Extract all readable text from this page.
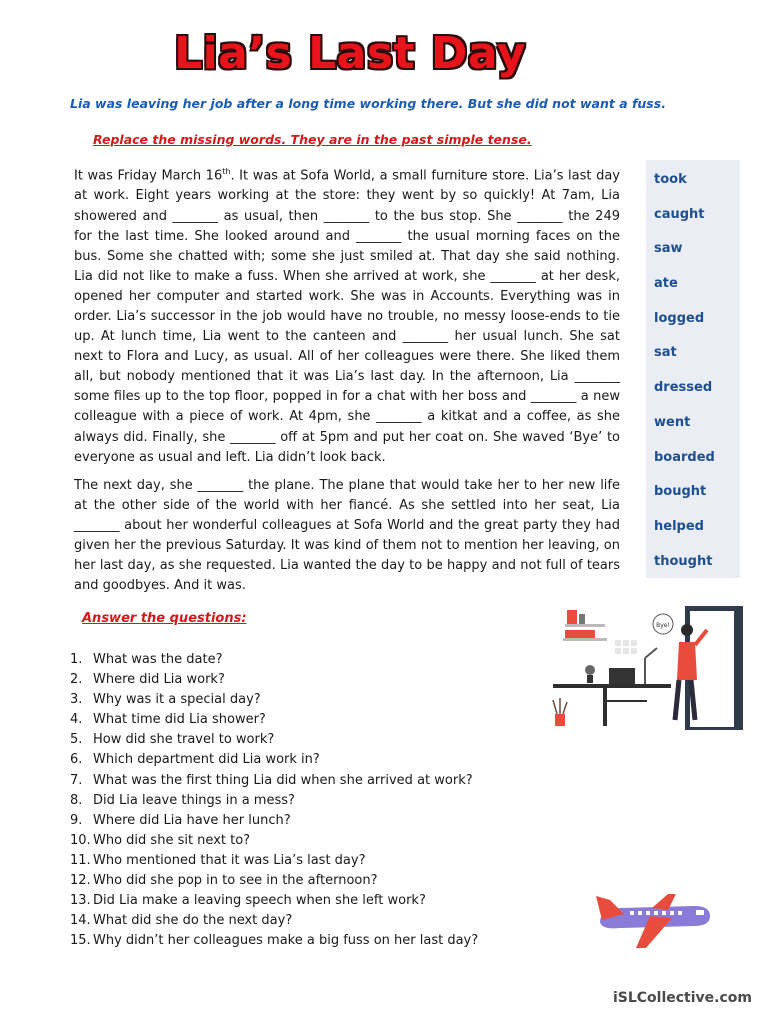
Lia’s Last Day
Lia was leaving her job after a long time working there. But she did not want a fuss.
Replace the missing words. They are in the past simple tense.

It was Friday March 16th. It was at Sofa World, a small furniture store. Lia’s last day at work. Eight years working at the store: they went by so quickly! At 7am, Lia showered and _______ as usual, then _______ to the bus stop. She _______ the 249 for the last time. She looked around and _______ the usual morning faces on the bus. Some she chatted with; some she just smiled at. That day she said nothing. Lia did not like to make a fuss. When she arrived at work, she _______ at her desk, opened her computer and started work. She was in Accounts. Everything was in order. Lia’s successor in the job would have no trouble, no messy loose-ends to tie up. At lunch time, Lia went to the canteen and _______ her usual lunch. She sat next to Flora and Lucy, as usual. All of her colleagues were there. She liked them all, but nobody mentioned that it was Lia’s last day. In the afternoon, Lia _______ some files up to the top floor, popped in for a chat with her boss and _______ a new colleague with a piece of work. At 4pm, she _______ a kitkat and a coffee, as she always did. Finally, she _______ off at 5pm and put her coat on. She waved ‘Bye’ to everyone as usual and left. Lia didn’t look back.

The next day, she _______ the plane. The plane that would take her to her new life at the other side of the world with her fiancé. As she settled into her seat, Lia _______ about her wonderful colleagues at Sofa World and the great party they had given her the previous Saturday. It was kind of them not to mention her leaving, on her last day, as she requested. Lia wanted the day to be happy and not full of tears and goodbyes. And it was.

took
caught
saw
ate
logged
sat
dressed
went
boarded
bought
helped
thought
Answer the questions:
1. What was the date?
2. Where did Lia work?
3. Why was it a special day?
4. What time did Lia shower?
5. How did she travel to work?
6. Which department did Lia work in?
7. What was the first thing Lia did when she arrived at work?
8. Did Lia leave things in a mess?
9. Where did Lia have her lunch?
10. Who did she sit next to?
11. Who mentioned that it was Lia’s last day?
12. Who did she pop in to see in the afternoon?
13. Did Lia make a leaving speech when she left work?
14. What did she do the next day?
15. Why didn’t her colleagues make a big fuss on her last day?
Bye!
iSLCollective.com
